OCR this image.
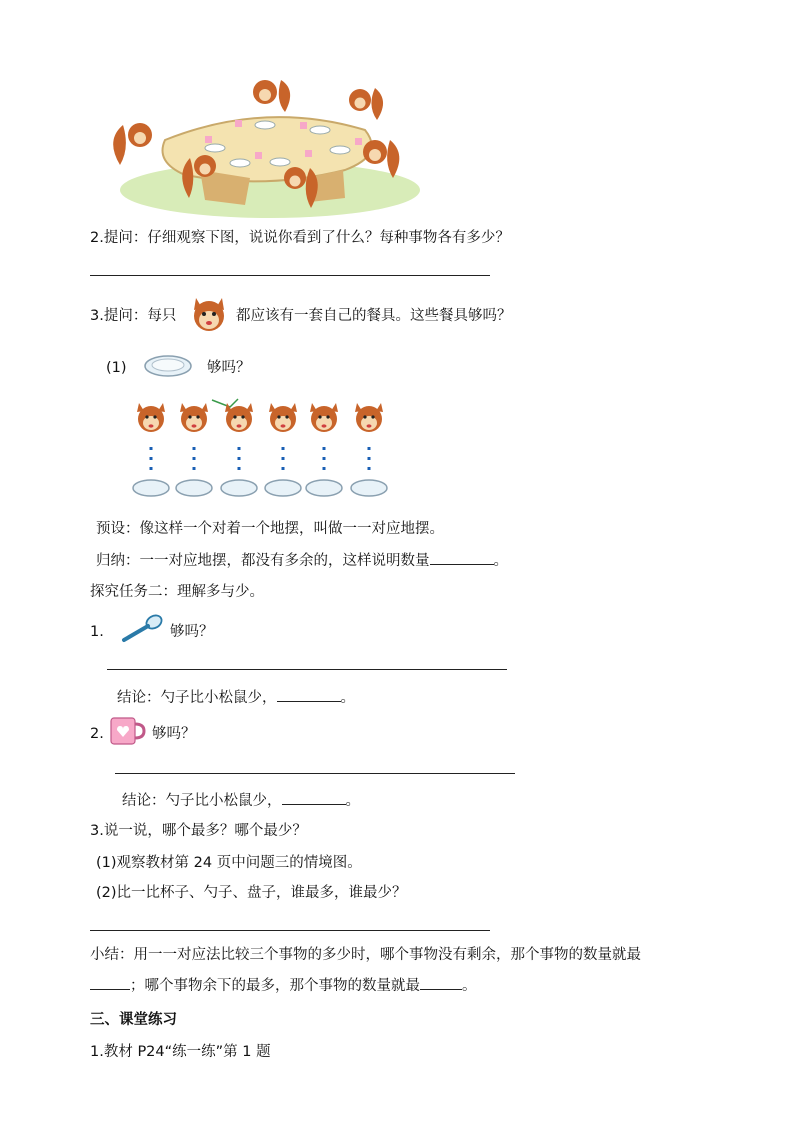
2.提问：仔细观察下图，说说你看到了什么？每种事物各有多少？
3.提问：每只	都应该有一套自己的餐具。这些餐具够吗？
(1)	够吗？
预设：像这样一个对着一个地摆，叫做一一对应地摆。
归纳：一一对应地摆，都没有多余的，这样说明数量	。
探究任务二：理解多与少。
1.	够吗？
结论：勺子比小松鼠少，	。
2.	够吗？
结论：勺子比小松鼠少，	。
3.说一说，哪个最多？哪个最少？
(1)观察教材第 24 页中问题三的情境图。
(2)比一比杯子、勺子、盘子，谁最多，谁最少？
小结：用一一对应法比较三个事物的多少时，哪个事物没有剩余，那个事物的数量就最
；哪个事物余下的最多，那个事物的数量就最	。
三、课堂练习
1.教材 P24“练一练”第 1 题
